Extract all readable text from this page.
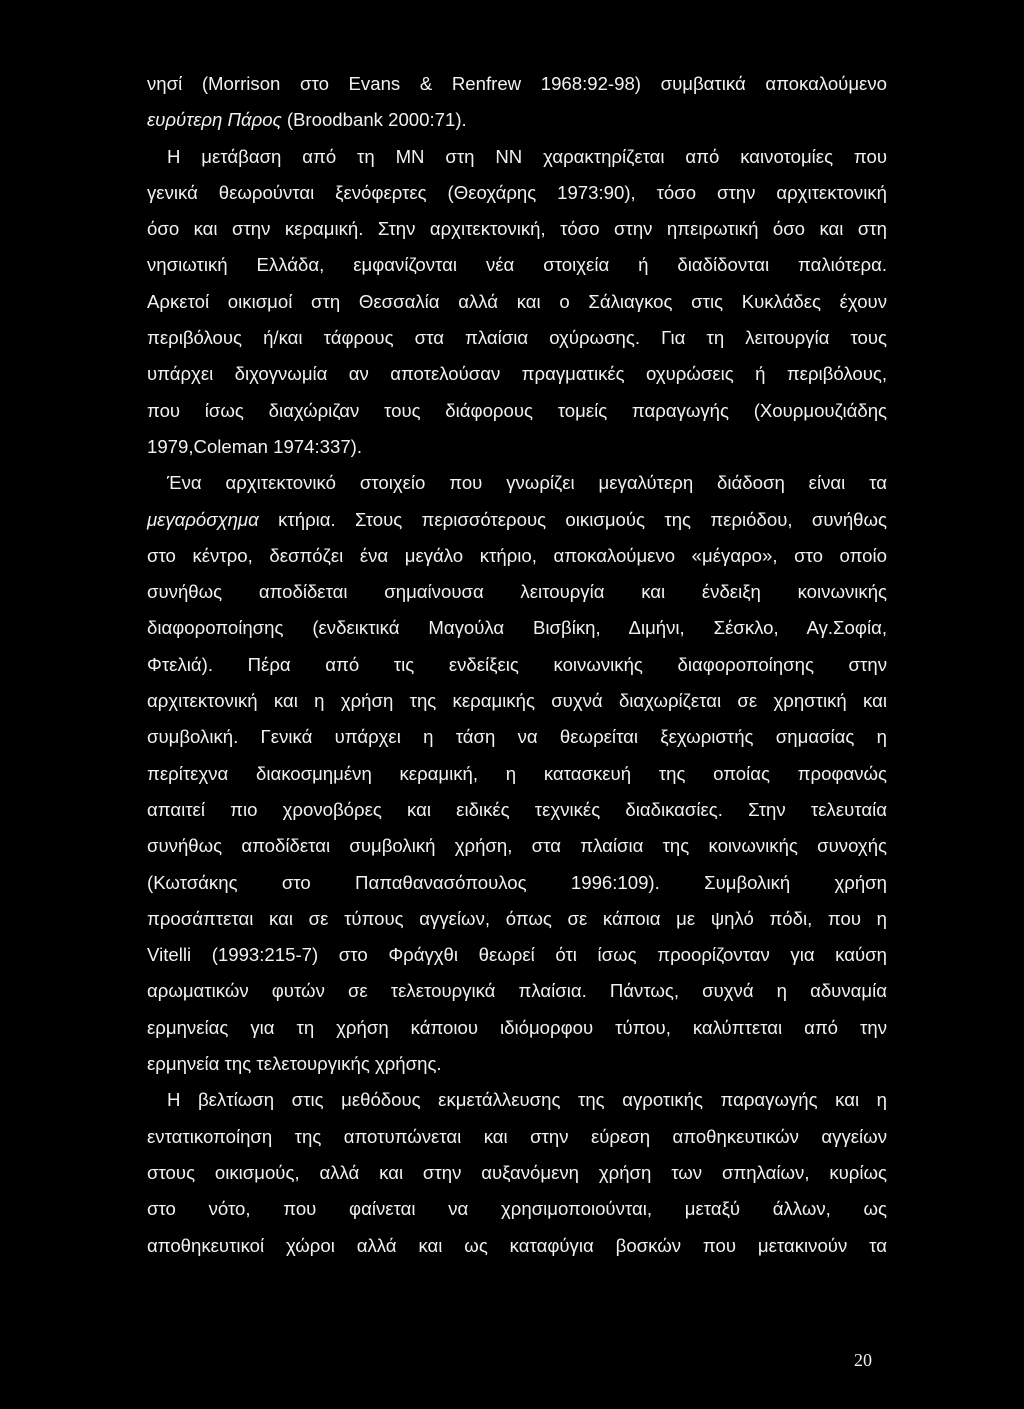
νησί (Morrison στο Evans & Renfrew 1968:92-98) συμβατικά αποκαλούμενο
ευρύτερη Πάρος (Broodbank 2000:71).
Η μετάβαση από τη ΜΝ στη ΝΝ χαρακτηρίζεται από καινοτομίες που
γενικά θεωρούνται ξενόφερτες (Θεοχάρης 1973:90), τόσο στην αρχιτεκτονική
όσο και στην κεραμική. Στην αρχιτεκτονική, τόσο στην ηπειρωτική όσο και στη
νησιωτική Ελλάδα, εμφανίζονται νέα στοιχεία ή διαδίδονται παλιότερα.
Αρκετοί οικισμοί στη Θεσσαλία αλλά και ο Σάλιαγκος στις Κυκλάδες έχουν
περιβόλους ή/και τάφρους στα πλαίσια οχύρωσης. Για τη λειτουργία τους
υπάρχει διχογνωμία αν αποτελούσαν πραγματικές οχυρώσεις ή περιβόλους,
που ίσως διαχώριζαν τους διάφορους τομείς παραγωγής (Χουρμουζιάδης
1979,Coleman 1974:337).
Ένα αρχιτεκτονικό στοιχείο που γνωρίζει μεγαλύτερη διάδοση είναι τα
μεγαρόσχημα κτήρια. Στους περισσότερους οικισμούς της περιόδου, συνήθως
στο κέντρο, δεσπόζει ένα μεγάλο κτήριο, αποκαλούμενο «μέγαρο», στο οποίο
συνήθως αποδίδεται σημαίνουσα λειτουργία και ένδειξη κοινωνικής
διαφοροποίησης (ενδεικτικά Μαγούλα Βισβίκη, Διμήνι, Σέσκλο, Αγ.Σοφία,
Φτελιά). Πέρα από τις ενδείξεις κοινωνικής διαφοροποίησης στην
αρχιτεκτονική και η χρήση της κεραμικής συχνά διαχωρίζεται σε χρηστική και
συμβολική. Γενικά υπάρχει η τάση να θεωρείται ξεχωριστής σημασίας η
περίτεχνα διακοσμημένη κεραμική, η κατασκευή της οποίας προφανώς
απαιτεί πιο χρονοβόρες και ειδικές τεχνικές διαδικασίες. Στην τελευταία
συνήθως αποδίδεται συμβολική χρήση, στα πλαίσια της κοινωνικής συνοχής
(Κωτσάκης στο Παπαθανασόπουλος 1996:109). Συμβολική χρήση
προσάπτεται και σε τύπους αγγείων, όπως σε κάποια με ψηλό πόδι, που η
Vitelli (1993:215-7) στο Φράγχθι θεωρεί ότι ίσως προορίζονταν για καύση
αρωματικών φυτών σε τελετουργικά πλαίσια. Πάντως, συχνά η αδυναμία
ερμηνείας για τη χρήση κάποιου ιδιόμορφου τύπου, καλύπτεται από την
ερμηνεία της τελετουργικής χρήσης.
Η βελτίωση στις μεθόδους εκμετάλλευσης της αγροτικής παραγωγής και η
εντατικοποίηση της αποτυπώνεται και στην εύρεση αποθηκευτικών αγγείων
στους οικισμούς, αλλά και στην αυξανόμενη χρήση των σπηλαίων, κυρίως
στο νότο, που φαίνεται να χρησιμοποιούνται, μεταξύ άλλων, ως
αποθηκευτικοί χώροι αλλά και ως καταφύγια βοσκών που μετακινούν τα
20
